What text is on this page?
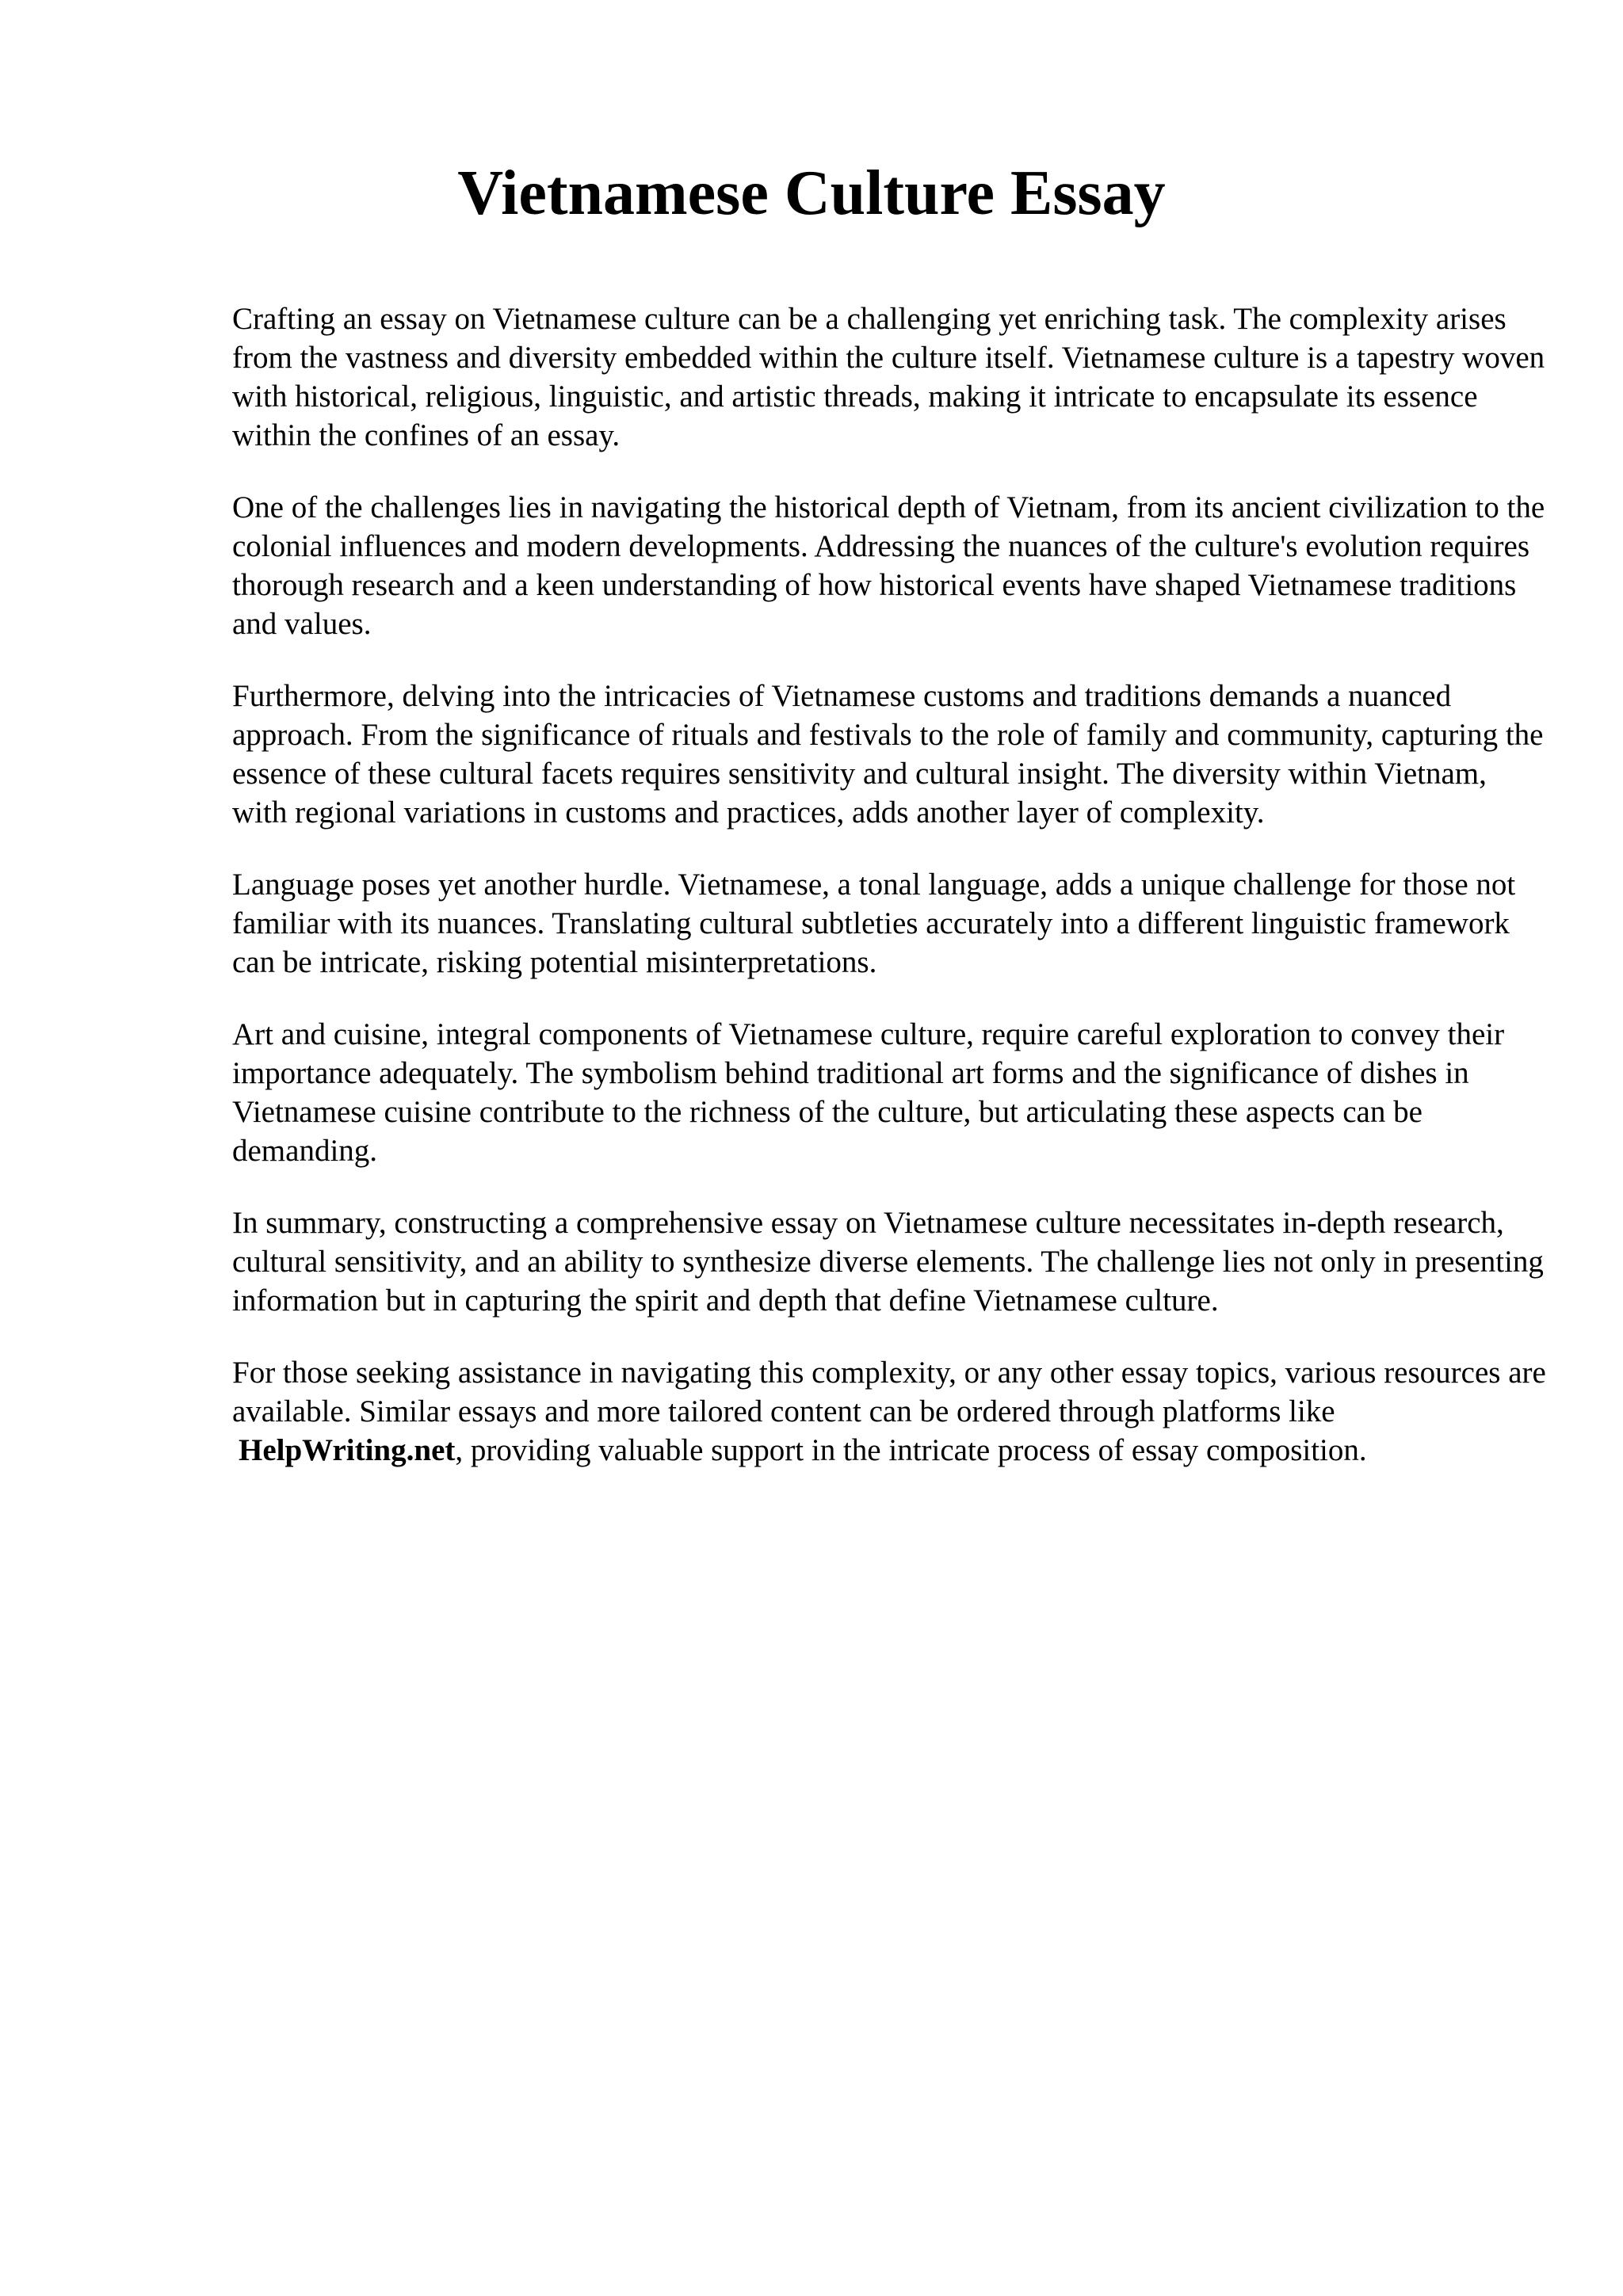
Vietnamese Culture Essay

Crafting an essay on Vietnamese culture can be a challenging yet enriching task. The complexity arises from the vastness and diversity embedded within the culture itself. Vietnamese culture is a tapestry woven with historical, religious, linguistic, and artistic threads, making it intricate to encapsulate its essence within the confines of an essay.

One of the challenges lies in navigating the historical depth of Vietnam, from its ancient civilization to the colonial influences and modern developments. Addressing the nuances of the culture's evolution requires thorough research and a keen understanding of how historical events have shaped Vietnamese traditions and values.

Furthermore, delving into the intricacies of Vietnamese customs and traditions demands a nuanced approach. From the significance of rituals and festivals to the role of family and community, capturing the essence of these cultural facets requires sensitivity and cultural insight. The diversity within Vietnam, with regional variations in customs and practices, adds another layer of complexity.

Language poses yet another hurdle. Vietnamese, a tonal language, adds a unique challenge for those not familiar with its nuances. Translating cultural subtleties accurately into a different linguistic framework can be intricate, risking potential misinterpretations.

Art and cuisine, integral components of Vietnamese culture, require careful exploration to convey their importance adequately. The symbolism behind traditional art forms and the significance of dishes in Vietnamese cuisine contribute to the richness of the culture, but articulating these aspects can be demanding.

In summary, constructing a comprehensive essay on Vietnamese culture necessitates in-depth research, cultural sensitivity, and an ability to synthesize diverse elements. The challenge lies not only in presenting information but in capturing the spirit and depth that define Vietnamese culture.

For those seeking assistance in navigating this complexity, or any other essay topics, various resources are available. Similar essays and more tailored content can be ordered through platforms like HelpWriting.net, providing valuable support in the intricate process of essay composition.
